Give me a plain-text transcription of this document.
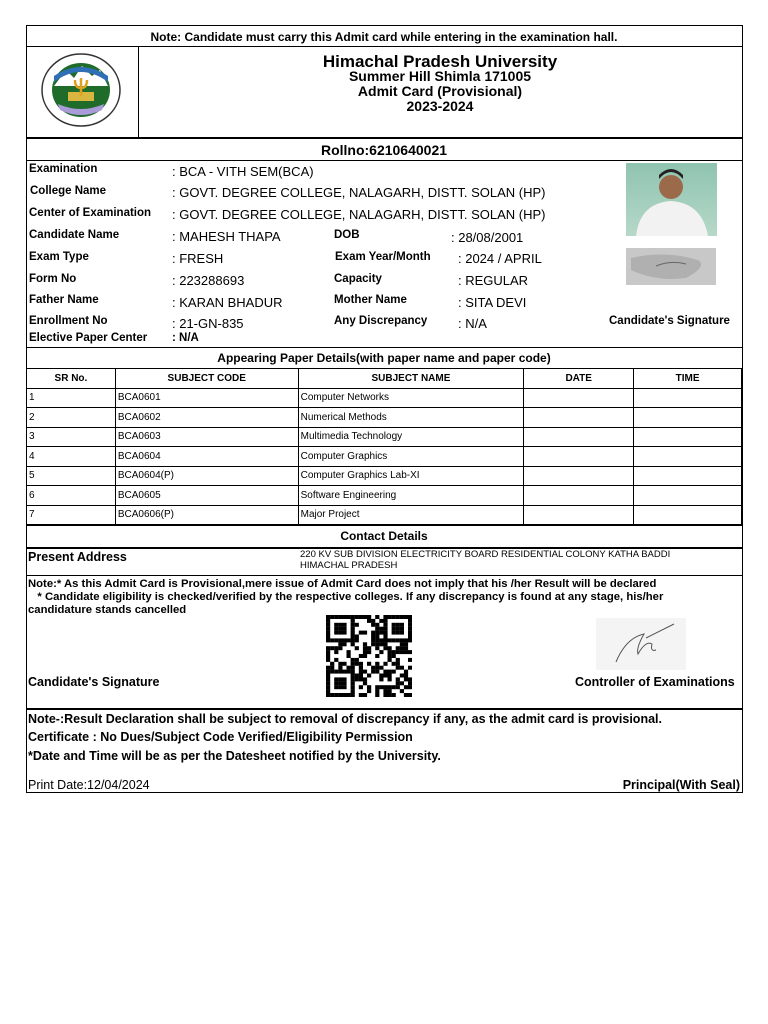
Note: Candidate must carry this Admit card while entering in the examination hall.
Himachal Pradesh University
Summer Hill Shimla 171005
Admit Card (Provisional)
2023-2024
Rollno:6210640021
Examination	: BCA - VITH SEM(BCA)
College Name	: GOVT. DEGREE COLLEGE, NALAGARH, DISTT. SOLAN (HP)
Center of Examination : GOVT. DEGREE COLLEGE, NALAGARH, DISTT. SOLAN (HP)
Candidate Name	: MAHESH THAPA	DOB	: 28/08/2001
Exam Type	: FRESH	Exam Year/Month : 2024 / APRIL
Form No	: 223288693	Capacity	: REGULAR
Father Name	: KARAN BHADUR	Mother Name	: SITA DEVI
Enrollment No	: 21-GN-835	Any Discrepancy : N/A
Elective Paper Center : N/A
Candidate's Signature
Appearing Paper Details(with paper name and paper code)
SR No.	SUBJECT CODE	SUBJECT NAME	DATE	TIME
1	BCA0601	Computer Networks		
2	BCA0602	Numerical Methods		
3	BCA0603	Multimedia Technology		
4	BCA0604	Computer Graphics		
5	BCA0604(P)	Computer Graphics Lab-XI		
6	BCA0605	Software Engineering		
7	BCA0606(P)	Major Project		
Contact Details
Present Address	220 KV SUB DIVISION ELECTRICITY BOARD RESIDENTIAL COLONY KATHA BADDI
HIMACHAL PRADESH
Note:* As this Admit Card is Provisional,mere issue of Admit Card does not imply that his /her Result will be declared
* Candidate eligibility is checked/verified by the respective colleges. If any discrepancy is found at any stage, his/her
candidature stands cancelled
Candidate's Signature	Controller of Examinations
Note-:Result Declaration shall be subject to removal of discrepancy if any, as the admit card is provisional.
Certificate : No Dues/Subject Code Verified/Eligibility Permission
*Date and Time will be as per the Datesheet notified by the University.
Print Date:12/04/2024	Principal(With Seal)
